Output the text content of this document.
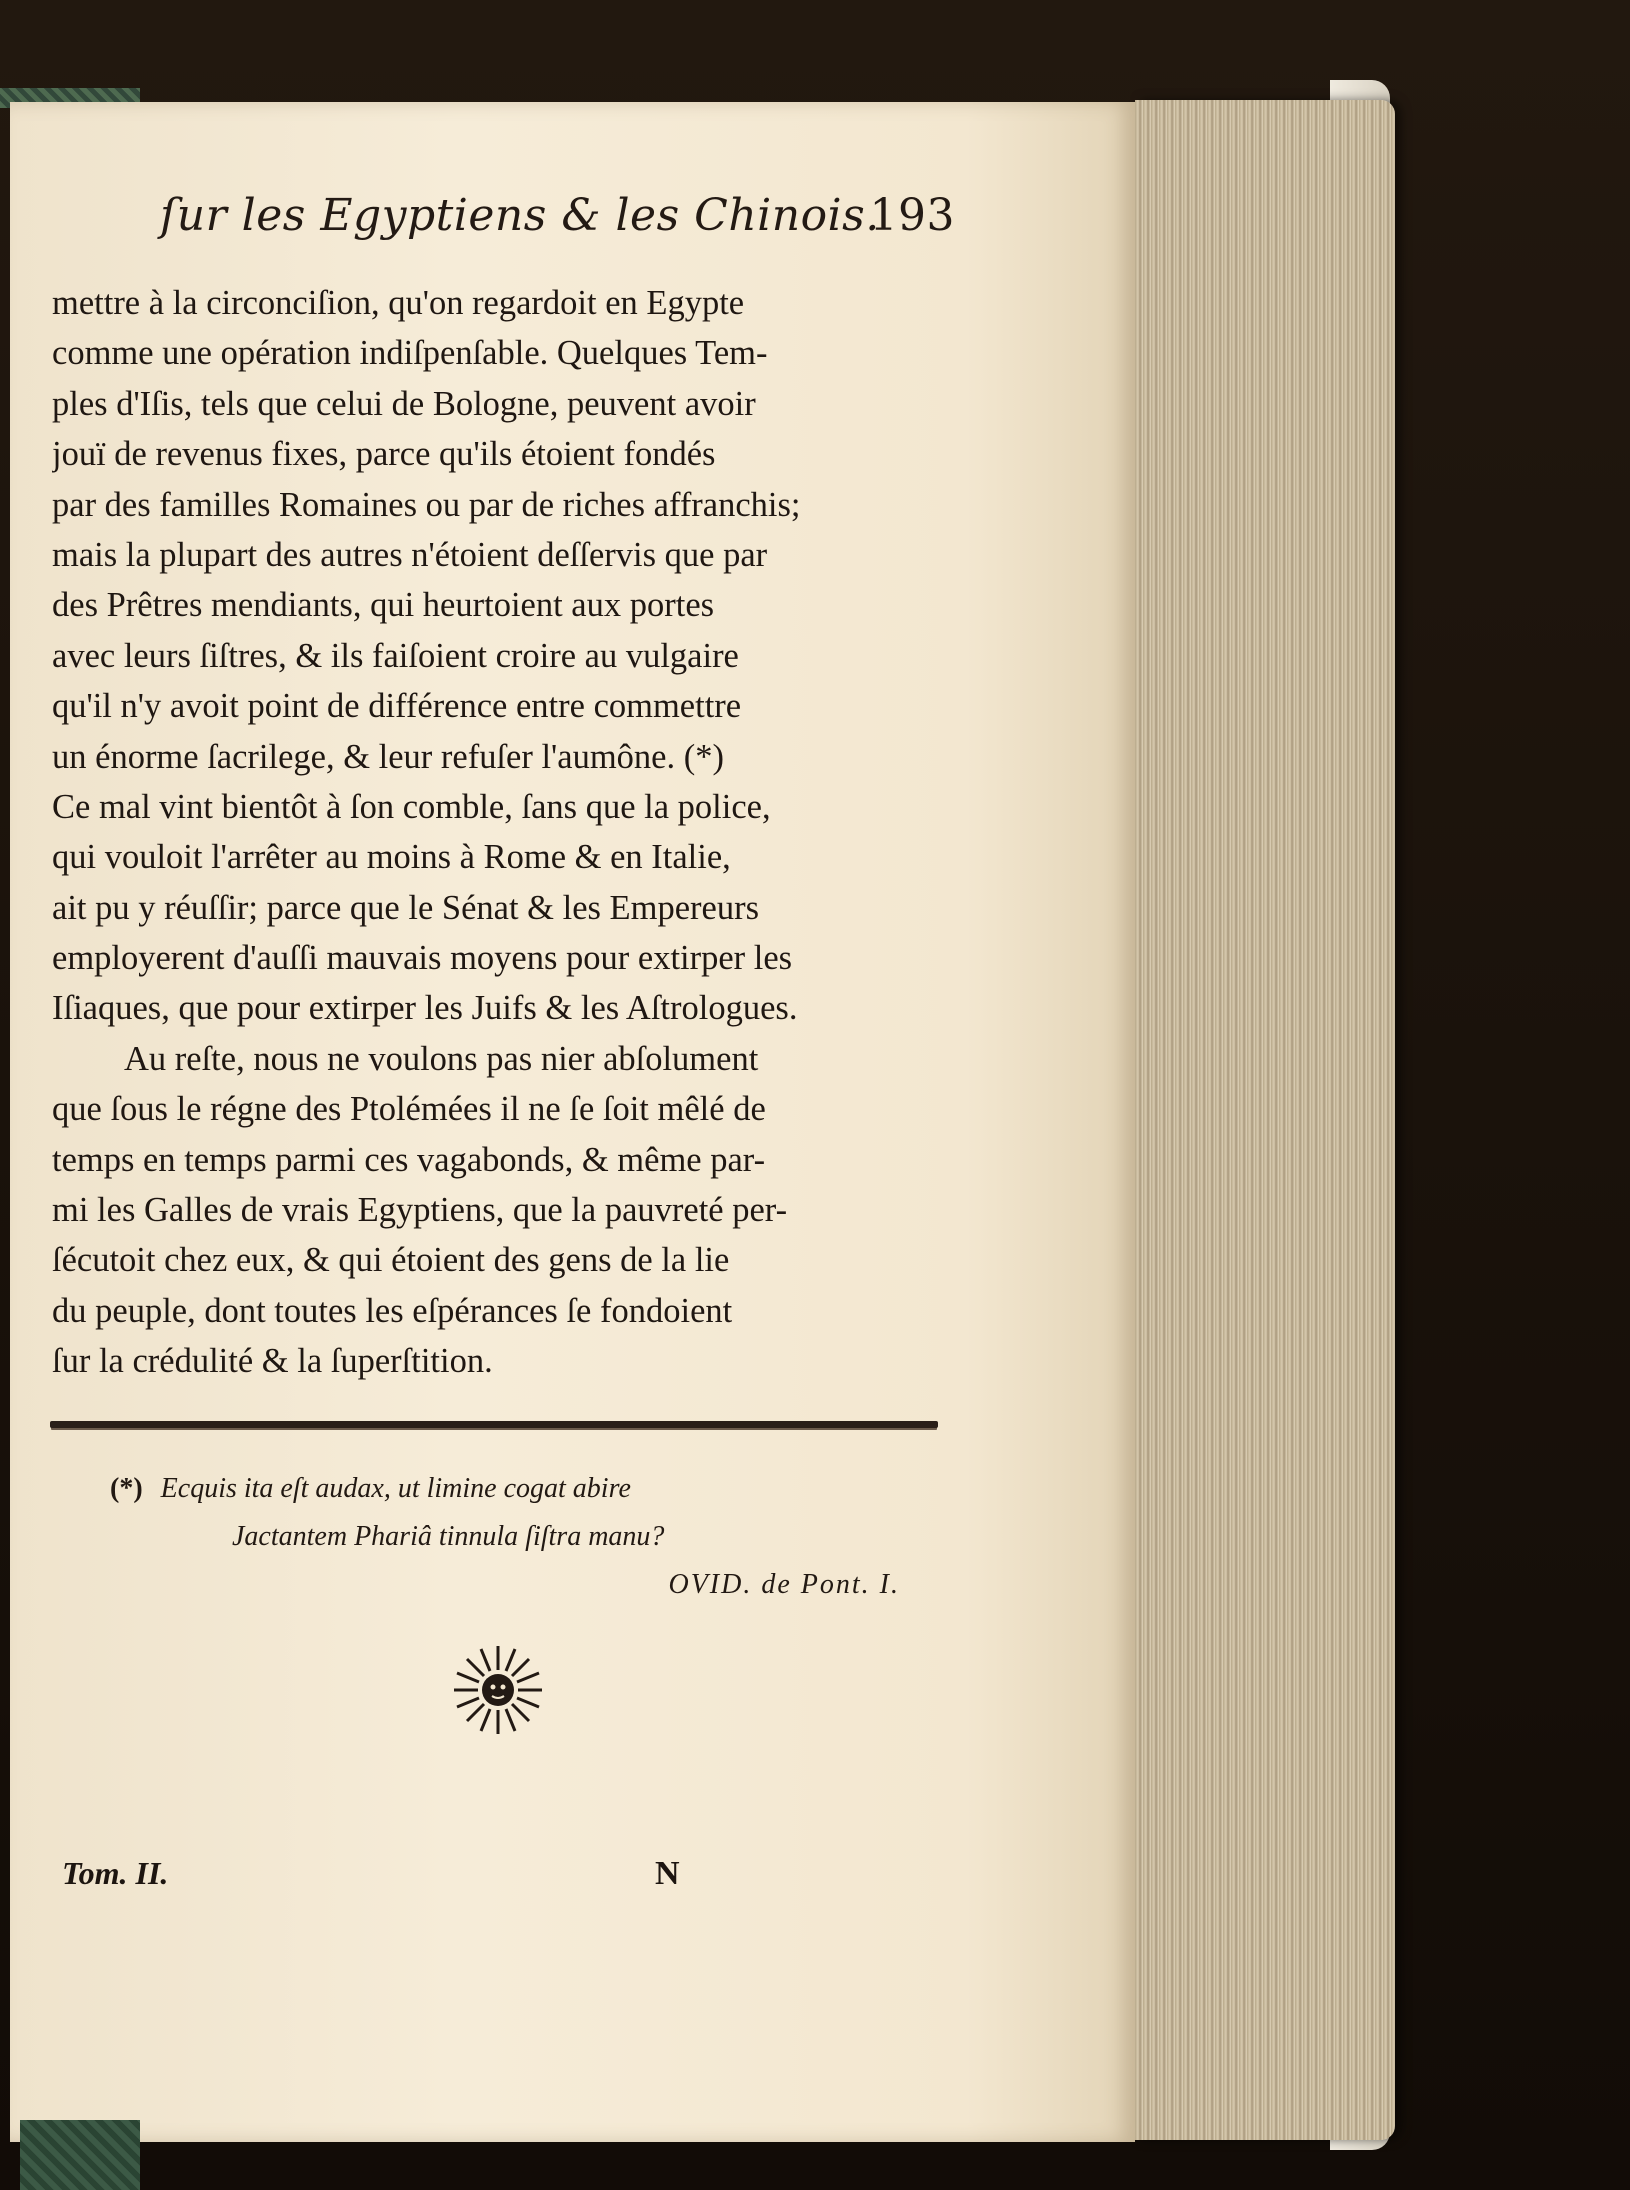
ſur les Egyptiens & les Chinois.
193
mettre à la circonciſion, qu'on regardoit en Egypte
comme une opération indiſpenſable. Quelques Tem-
ples d'Iſis, tels que celui de Bologne, peuvent avoir
jouï de revenus fixes, parce qu'ils étoient fondés
par des familles Romaines ou par de riches affranchis;
mais la plupart des autres n'étoient deſſervis que par
des Prêtres mendiants, qui heurtoient aux portes
avec leurs ſiſtres, & ils faiſoient croire au vulgaire
qu'il n'y avoit point de différence entre commettre
un énorme ſacrilege, & leur refuſer l'aumône. (*)
Ce mal vint bientôt à ſon comble, ſans que la police,
qui vouloit l'arrêter au moins à Rome & en Italie,
ait pu y réuſſir; parce que le Sénat & les Empereurs
employerent d'auſſi mauvais moyens pour extirper les
Iſiaques, que pour extirper les Juifs & les Aſtrologues.
Au reſte, nous ne voulons pas nier abſolument
que ſous le régne des Ptolémées il ne ſe ſoit mêlé de
temps en temps parmi ces vagabonds, & même par-
mi les Galles de vrais Egyptiens, que la pauvreté per-
ſécutoit chez eux, & qui étoient des gens de la lie
du peuple, dont toutes les eſpérances ſe fondoient
ſur la crédulité & la ſuperſtition.
(*) Ecquis ita eſt audax, ut limine cogat abire
Jactantem Phariâ tinnula ſiſtra manu?
OVID. de Pont. I.
Tom. II.	N
